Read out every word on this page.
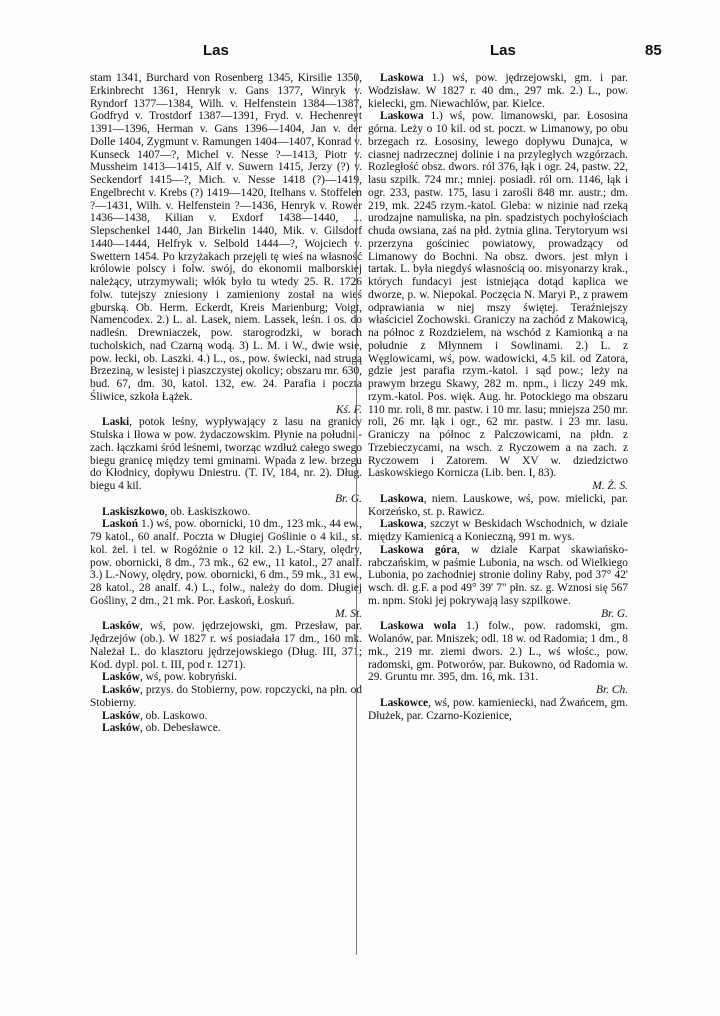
Las	Las	85

stam 1341, Burchard von Rosenberg 1345, Kirsilie 1350, Erkinbrecht 1361, Henryk v. Gans 1377, Winryk v. Ryndorf 1377—1384, Wilh. v. Helfenstein 1384—1387, Godfryd v. Trostdorf 1387—1391, Fryd. v. Hechenreyt 1391—1396, Herman v. Gans 1396—1404, Jan v. der Dolle 1404, Zygmunt v. Ramungen 1404—1407, Konrad v. Kunseck 1407—?, Michel v. Nesse ?—1413, Piotr v. Mussheim 1413—1415, Alf v. Suwern 1415, Jerzy (?) v. Seckendorf 1415—?, Mich. v. Nesse 1418 (?)—1419, Engelbrecht v. Krebs (?) 1419—1420, Itelhans v. Stoffelen ?—1431, Wilh. v. Helfenstein ?—1436, Henryk v. Rower 1436—1438, Kilian v. Exdorf 1438—1440, ... Slepschenkel 1440, Jan Birkelin 1440, Mik. v. Gilsdorf 1440—1444, Helfryk v. Selbold 1444—?, Wojciech v. Swettern 1454. Po krzyżakach przejęli tę wieś na własność królowie polscy i folw. swój, do ekonomii malborskiej należący, utrzymywali; włók było tu wtedy 25. R. 1726 folw. tutejszy zniesiony i zamieniony został na wieś gburską. Ob. Herm. Eckerdt, Kreis Marienburg; Voigt, Namencodex. 2.) L. al. Lasek, niem. Lassek, leśn. i os. do nadleśn. Drewniaczek, pow. starogrodzki, w borach tucholskich, nad Czarną wodą. 3) L. M. i W., dwie wsie, pow. łecki, ob. Laszki. 4.) L., os., pow. świecki, nad strugą Brzeziną, w lesistej i piaszczystej okolicy; obszaru mr. 630, bud. 67, dm. 30, katol. 132, ew. 24. Parafia i poczta Śliwice, szkoła Łążek.
Kś. F.

Laski, potok leśny, wypływający z lasu na granicy Stulska i Iłowa w pow. żydaczowskim. Płynie na południ.-zach. łączkami śród leśnemi, tworząc wzdłuż całego swego biegu granicę między temi gminami. Wpada z lew. brzegu do Kłodnicy, dopływu Dniestru. (T. IV, 184, nr. 2). Dług. biegu 4 kil.
Br. G.

Laskiszkowo, ob. Łaskiszkowo.

Laskoń 1.) wś, pow. obornicki, 10 dm., 123 mk., 44 ew., 79 katol., 60 analf. Poczta w Długiej Goślinie o 4 kil., st. kol. żel. i tel. w Rogóżnie o 12 kil. 2.) L.-Stary, olędry, pow. obornicki, 8 dm., 73 mk., 62 ew., 11 katol., 27 analf. 3.) L.-Nowy, olędry, pow. obornicki, 6 dm., 59 mk., 31 ew., 28 katol., 28 analf. 4.) L., folw., należy do dom. Długiej Gośliny, 2 dm., 21 mk. Por. Łaskoń, Łoskuń.
M. St.

Lasków, wś, pow. jędrzejowski, gm. Przesław, par. Jędrzejów (ob.). W 1827 r. wś posiadała 17 dm., 160 mk. Należał L. do klasztoru jędrzejowskiego (Dług. III, 371; Kod. dypl. pol. t. III, pod r. 1271).

Lasków, wś, pow. kobryński.

Lasków, przys. do Stobierny, pow. ropczycki, na płn. od Stobierny.

Lasków, ob. Laskowo.

Lasków, ob. Debesławce.

Laskowa 1.) wś, pow. jędrzejowski, gm. i par. Wodzisław. W 1827 r. 40 dm., 297 mk. 2.) L., pow. kielecki, gm. Niewachlów, par. Kielce.

Laskowa 1.) wś, pow. limanowski, par. Łososina górna. Leży o 10 kil. od st. poczt. w Limanowy, po obu brzegach rz. Łososiny, lewego dopływu Dunajca, w ciasnej nadrzecznej dolinie i na przyległych wzgórzach. Rozległość obsz. dwors. ról 376, łąk i ogr. 24, pastw. 22, lasu szpilk. 724 mr.; mniej. posiadł. ról orn. 1146, łąk i ogr. 233, pastw. 175, lasu i zarośli 848 mr. austr.; dm. 219, mk. 2245 rzym.-katol. Gleba: w nizinie nad rzeką urodzajne namuliska, na płn. spadzistych pochyłościach chuda owsiana, zaś na płd. żytnia glina. Terytoryum wsi przerzyna gościniec powiatowy, prowadzący od Limanowy do Bochni. Na obsz. dwors. jest młyn i tartak. L. była niegdyś własnością oo. misyonarzy krak., których fundacyi jest istniejąca dotąd kaplica we dworze, p. w. Niepokal. Poczęcia N. Maryi P., z prawem odprawiania w niej mszy świętej. Teraźniejszy właściciel Zochowski. Graniczy na zachód z Makowicą, na północ z Rozdzielem, na wschód z Kamionką a na południe z Młynnem i Sowlinami. 2.) L. z Węglowicami, wś, pow. wadowicki, 4.5 kil. od Zatora, gdzie jest parafia rzym.-katol. i sąd pow.; leży na prawym brzegu Skawy, 282 m. npm., i liczy 249 mk. rzym.-katol. Pos. więk. Aug. hr. Potockiego ma obszaru 110 mr. roli, 8 mr. pastw. i 10 mr. lasu; mniejsza 250 mr. roli, 26 mr. łąk i ogr., 62 mr. pastw. i 23 mr. lasu. Graniczy na północ z Palczowicami, na płdn. z Trzebieczycami, na wsch. z Ryczowem a na zach. z Ryczowem i Zatorem. W XV w. dziedzictwo Laskowskiego Kornicza (Lib. ben. I, 83).
M. Ż. S.

Laskowa, niem. Lauskowe, wś, pow. mielicki, par. Korzeńsko, st. p. Rawicz.

Laskowa, szczyt w Beskidach Wschodnich, w dziale między Kamienicą a Konieczną, 991 m. wys.

Laskowa góra, w dziale Karpat skawiańsko-rabczańskim, w paśmie Lubonia, na wsch. od Wielkiego Lubonia, po zachodniej stronie doliny Raby, pod 37° 42' wsch. dł. g.F. a pod 49° 39' 7" płn. sz. g. Wznosi się 567 m. npm. Stoki jej pokrywają lasy szpilkowe.
Br. G.

Laskowa wola 1.) folw., pow. radomski, gm. Wolanów, par. Mniszek; odl. 18 w. od Radomia; 1 dm., 8 mk., 219 mr. ziemi dwors. 2.) L., wś włośc., pow. radomski, gm. Potworów, par. Bukowno, od Radomia w. 29. Gruntu mr. 395, dm. 16, mk. 131.
Br. Ch.

Laskowce, wś, pow. kamieniecki, nad Żwańcem, gm. Dłużek, par. Czarno-Kozienice,
